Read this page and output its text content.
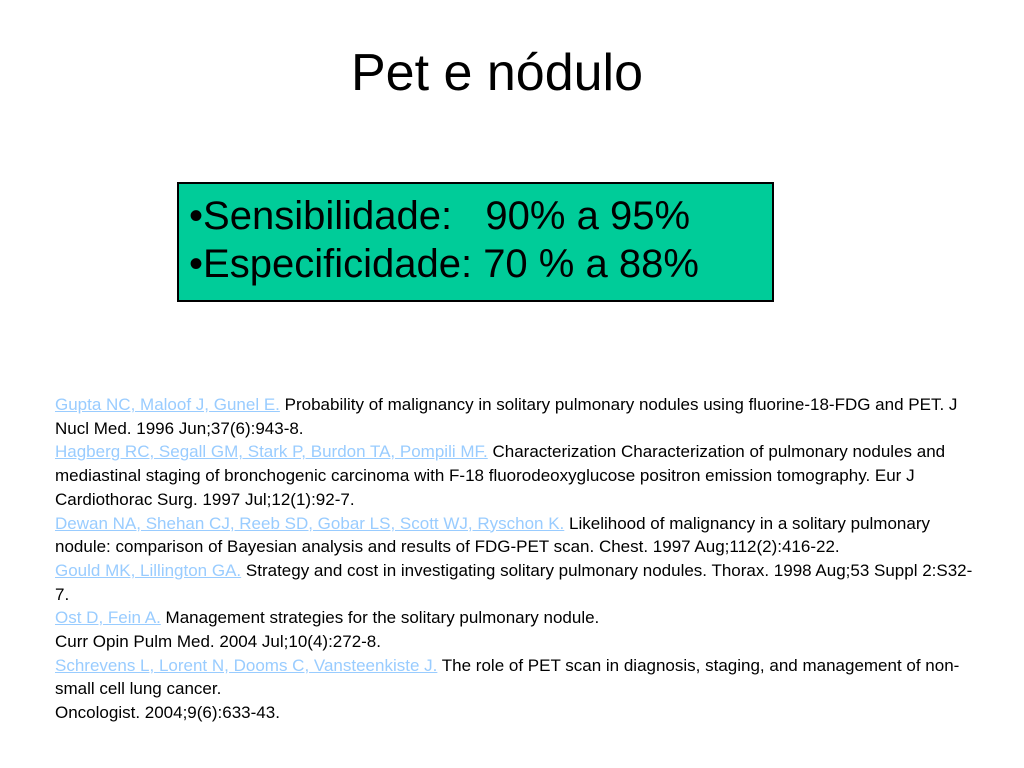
Pet e nódulo
•Sensibilidade: 90% a 95%
•Especificidade: 70 % a 88%
Gupta NC, Maloof J, Gunel E. Probability of malignancy in solitary pulmonary nodules using fluorine-18-FDG and PET. J Nucl Med. 1996 Jun;37(6):943-8.
Hagberg RC, Segall GM, Stark P, Burdon TA, Pompili MF. Characterization Characterization of pulmonary nodules and mediastinal staging of bronchogenic carcinoma with F-18 fluorodeoxyglucose positron emission tomography. Eur J Cardiothorac Surg. 1997 Jul;12(1):92-7.
Dewan NA, Shehan CJ, Reeb SD, Gobar LS, Scott WJ, Ryschon K. Likelihood of malignancy in a solitary pulmonary nodule: comparison of Bayesian analysis and results of FDG-PET scan. Chest. 1997 Aug;112(2):416-22.
Gould MK, Lillington GA. Strategy and cost in investigating solitary pulmonary nodules. Thorax. 1998 Aug;53 Suppl 2:S32-7.
Ost D, Fein A. Management strategies for the solitary pulmonary nodule.
Curr Opin Pulm Med. 2004 Jul;10(4):272-8.
Schrevens L, Lorent N, Dooms C, Vansteenkiste J. The role of PET scan in diagnosis, staging, and management of non-small cell lung cancer.
Oncologist. 2004;9(6):633-43.
